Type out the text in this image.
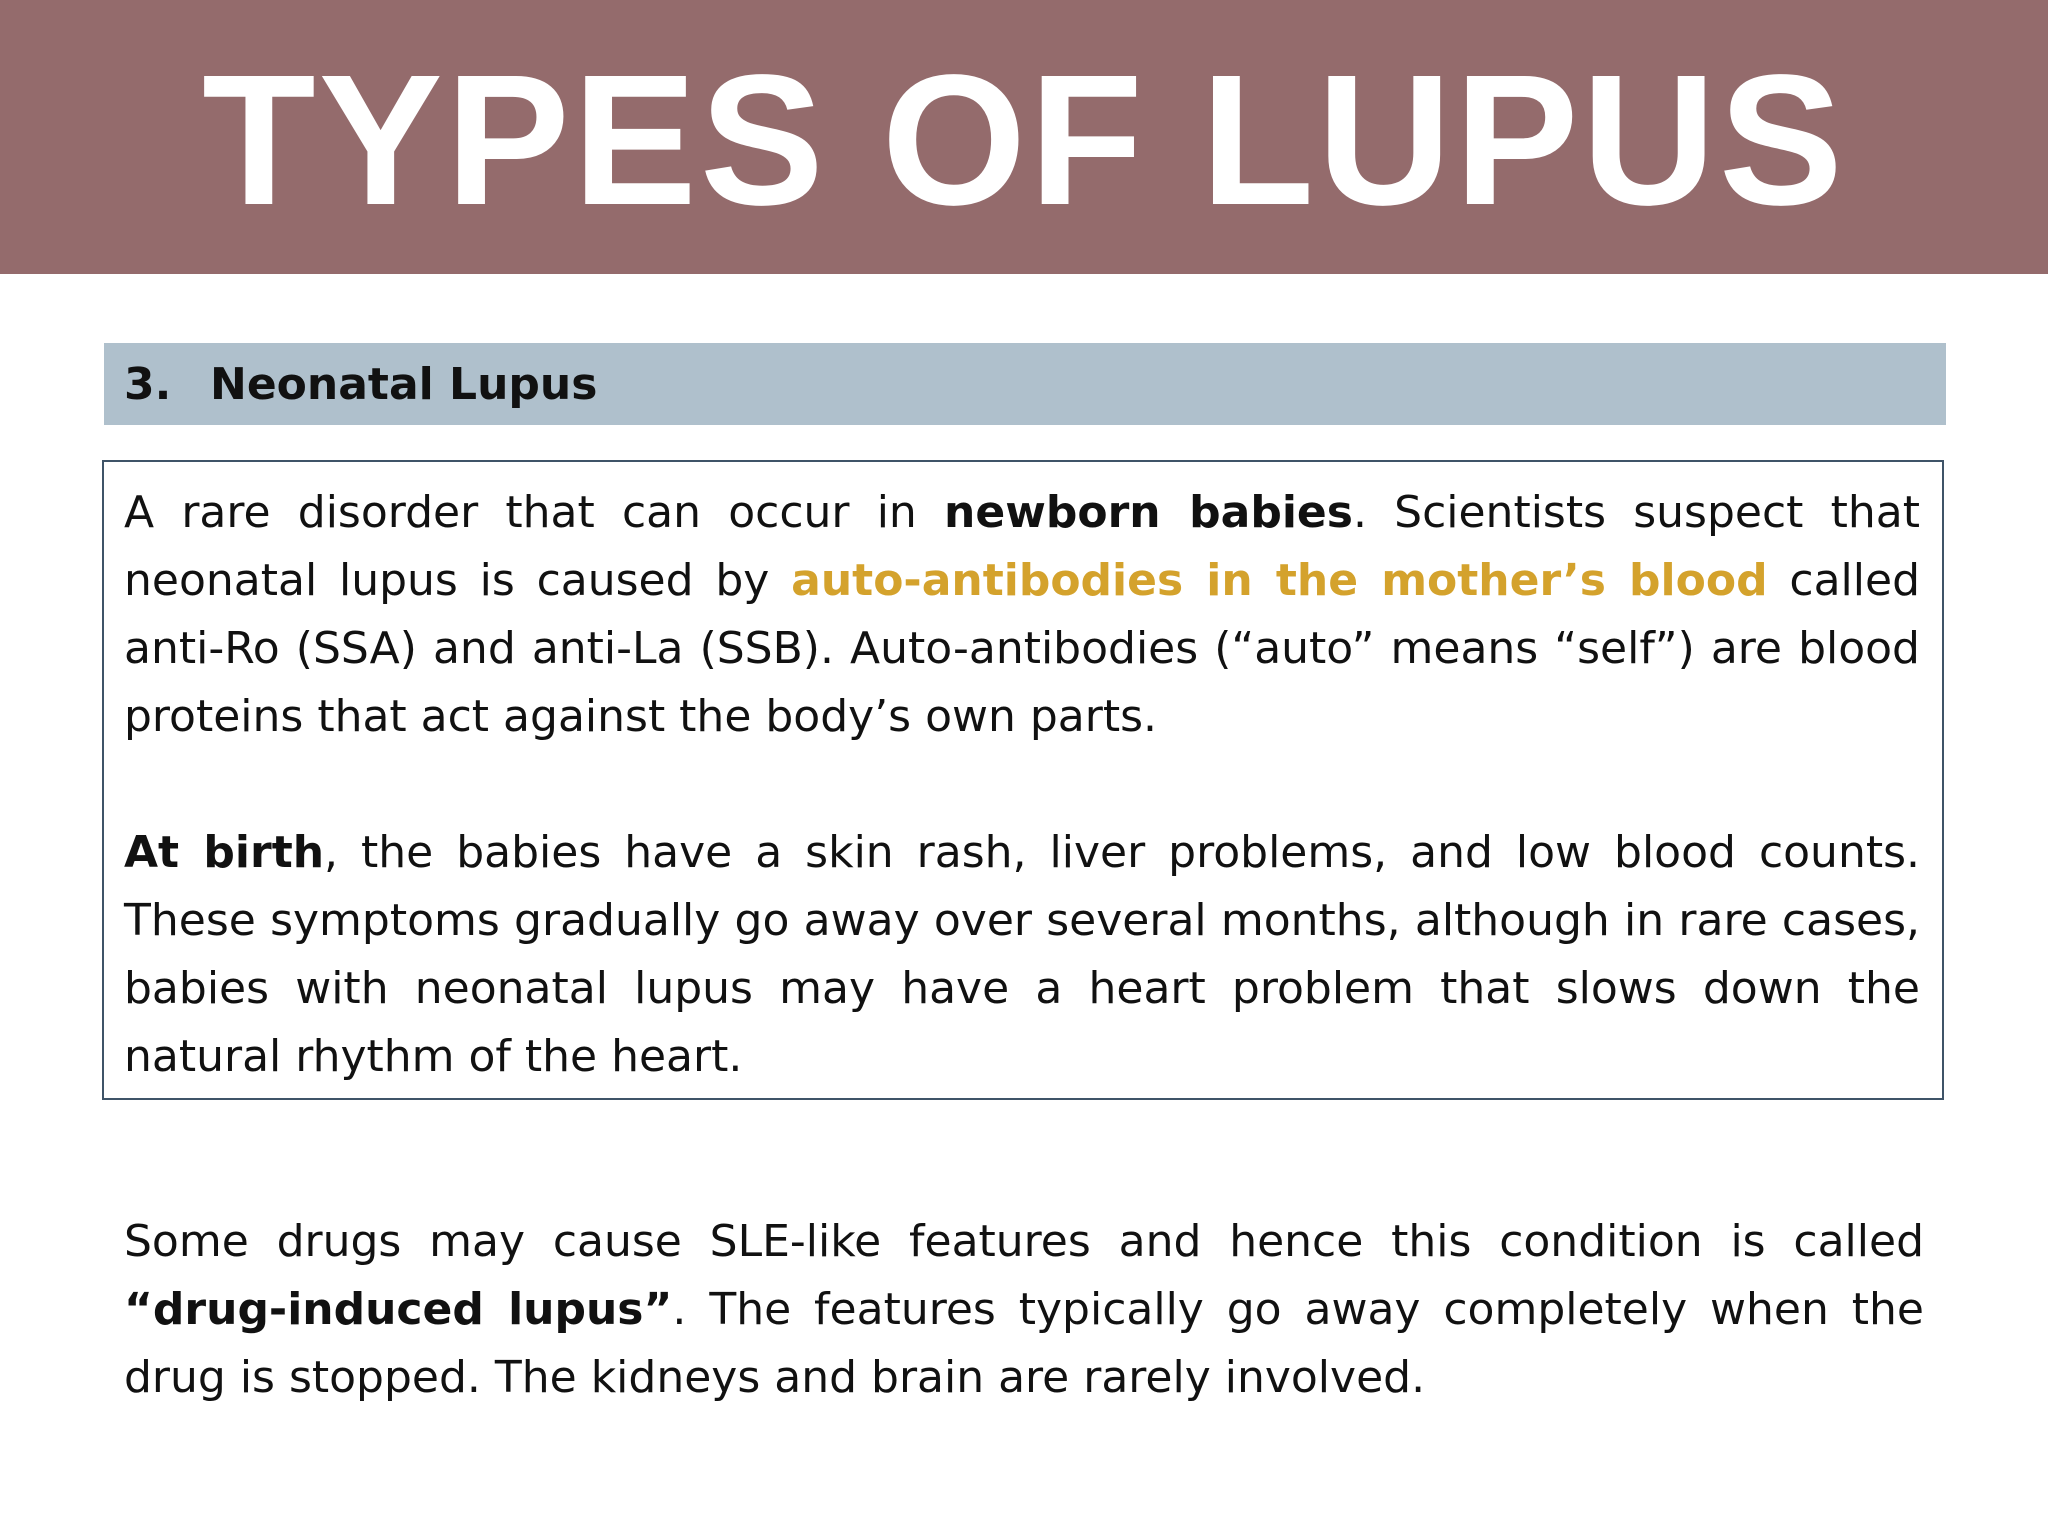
TYPES OF LUPUS
3. Neonatal Lupus

A rare disorder that can occur in newborn babies. Scientists suspect that neonatal lupus is caused by auto-antibodies in the mother’s blood called anti-Ro (SSA) and anti-La (SSB). Auto-antibodies (“auto” means “self”) are blood proteins that act against the body’s own parts.

At birth, the babies have a skin rash, liver problems, and low blood counts. These symptoms gradually go away over several months, although in rare cases, babies with neonatal lupus may have a heart problem that slows down the natural rhythm of the heart.

Some drugs may cause SLE-like features and hence this condition is called “drug-induced lupus”. The features typically go away completely when the drug is stopped. The kidneys and brain are rarely involved.
